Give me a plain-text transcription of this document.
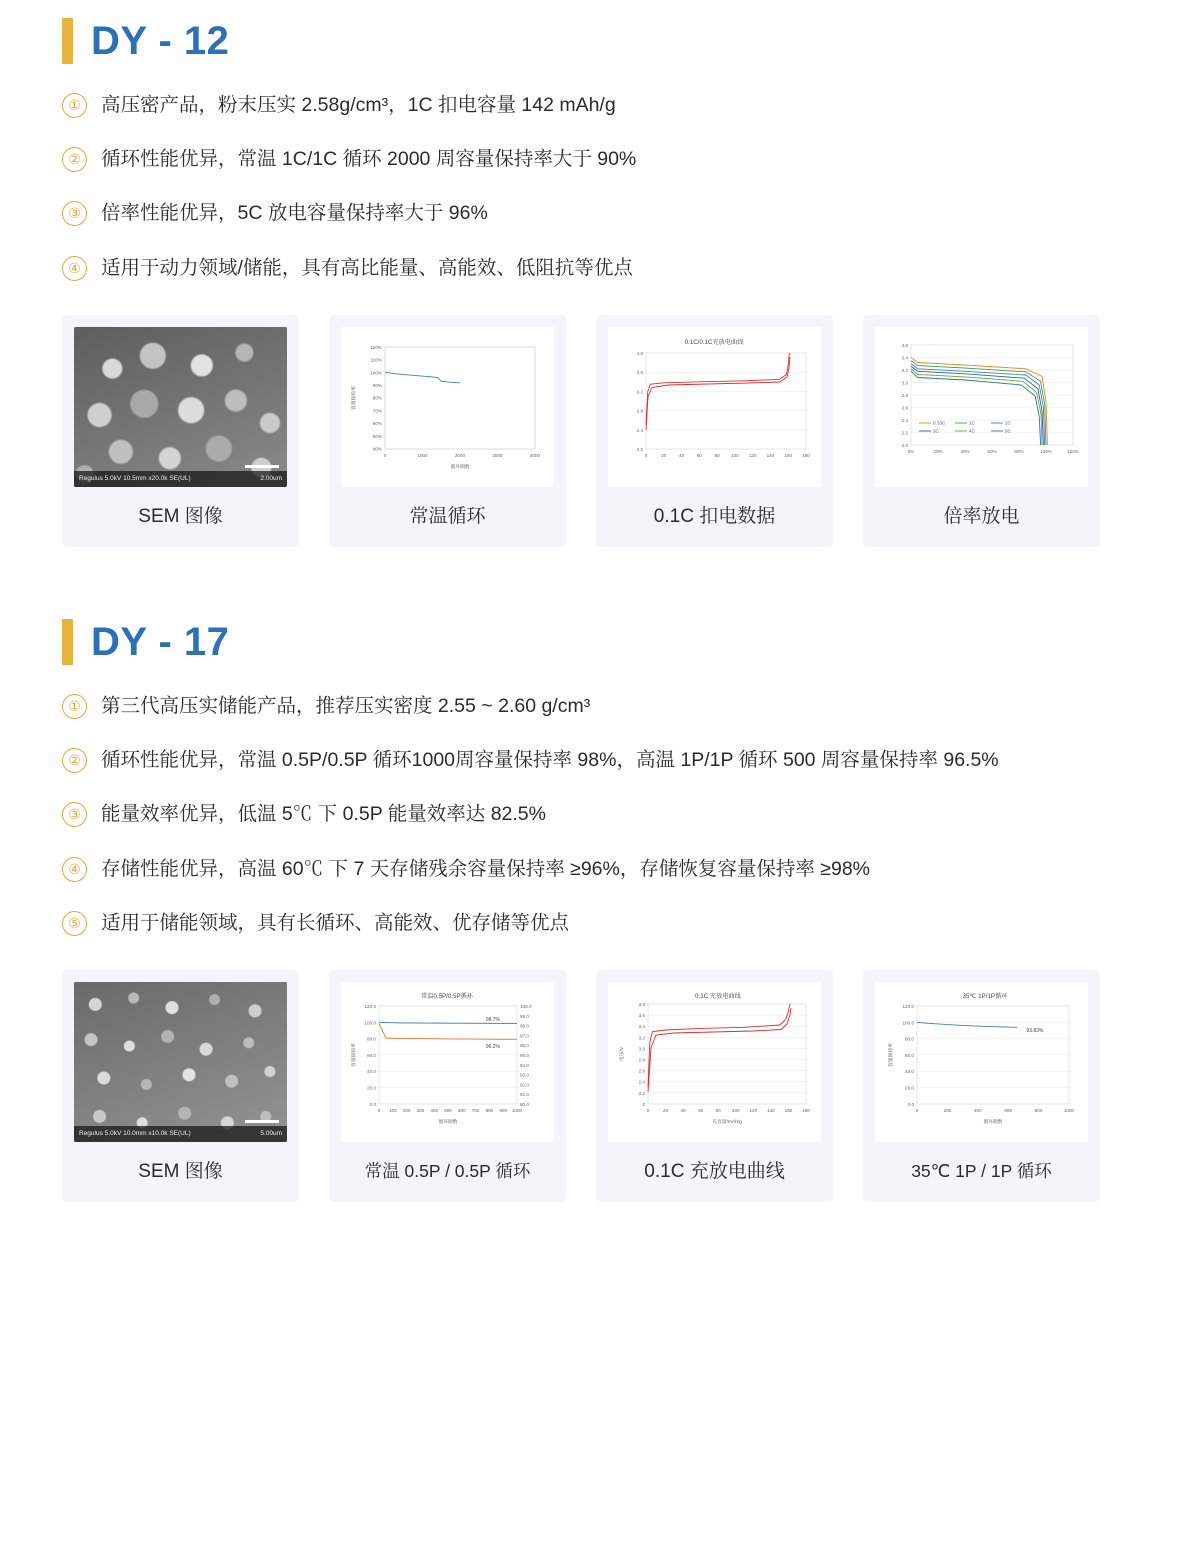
DY - 12
①	高压密产品，粉末压实 2.58g/cm³，1C 扣电容量 142 mAh/g
②	循环性能优异，常温 1C/1C 循环 2000 周容量保持率大于 90%
③	倍率性能优异，5C 放电容量保持率大于 96%
④	适用于动力领域/储能，具有高比能量、高能效、低阻抗等优点
Regulus 5.0kV 10.5mm x20.0k SE(UL)	2.00um
SEM 图像
40%
50%
60%
70%
80%
90%
100%
110%
120%
0	1000	2000	3000	4000
循环圈数
容量保持率
常温循环
0.1C/0.1C充放电曲线
4.0
3.6
3.2
2.8
2.4
2.0
0	20	40	60	80 100 120 140 160 180
0.1C 扣电数据
3.6
3.4
3.2
3.0
2.8
2.6
2.4
2.2
2.0
0%	20%	40%	60%	80%	100%	120%
0.33C	1C	2C
3C	4C	5C
倍率放电
DY - 17
①	第三代高压实储能产品，推荐压实密度 2.55 ~ 2.60 g/cm³
②	循环性能优异，常温 0.5P/0.5P 循环1000周容量保持率 98%，高温 1P/1P 循环 500 周容量保持率 96.5%
③	能量效率优异，低温 5℃ 下 0.5P 能量效率达 82.5%
④	存储性能优异，高温 60℃ 下 7 天存储残余容量保持率 ≥96%，存储恢复容量保持率 ≥98%
⑤	适用于储能领域，具有长循环、高能效、优存储等优点
Regulus 5.0kV 10.0mm x10.0k SE(UL)	5.00um
SEM 图像
常温0.5P/0.5P循环
120.0
100.0
80.0
60.0
40.0
20.0
0.0
100.0
99.0
98.0
97.0
96.0
95.0
94.0
93.0
92.0
91.0
90.0
0 100 200 300 400 500 600 700 800 900 1000
循环圈数
容量保持率
98.7%
96.2%
常温 0.5P / 0.5P 循环
0.1C 充放电曲线
3.8
3.6
3.4
3.2
3.0
2.8
2.6
2.4
2.2
2
0	20	40	60	80 100 120 140 160 180
充容量/mAh/g
电压/V
0.1C 充放电曲线
35℃ 1P/1P循环
120.0
100.0
80.0
60.0
40.0
20.0
0.0
0	200	400	600	800	1000
循环圈数
容量保持率
93.83%
35℃ 1P / 1P 循环
